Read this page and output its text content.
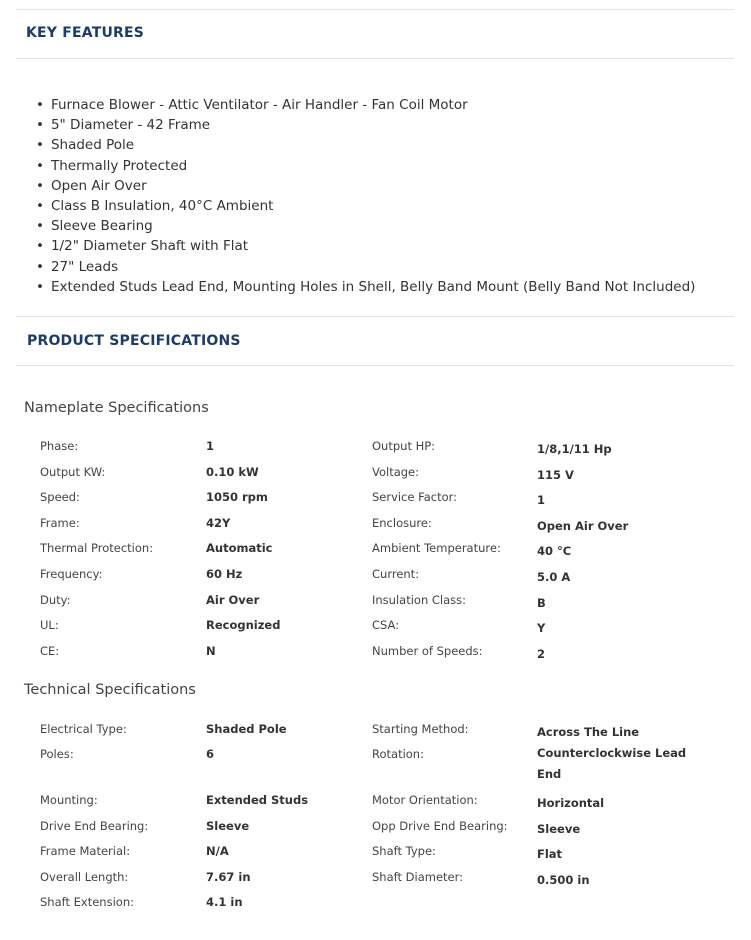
KEY FEATURES
• Furnace Blower - Attic Ventilator - Air Handler - Fan Coil Motor
• 5" Diameter - 42 Frame
• Shaded Pole
• Thermally Protected
• Open Air Over
• Class B Insulation, 40°C Ambient
• Sleeve Bearing
• 1/2" Diameter Shaft with Flat
• 27" Leads
• Extended Studs Lead End, Mounting Holes in Shell, Belly Band Mount (Belly Band Not Included)
PRODUCT SPECIFICATIONS
Nameplate Specifications
Phase:	1	Output HP:	1/8,1/11 Hp
Output KW:	0.10 kW	Voltage:	115 V
Speed:	1050 rpm	Service Factor:	1
Frame:	42Y	Enclosure:	Open Air Over
Thermal Protection:	Automatic	Ambient Temperature:	40 °C
Frequency:	60 Hz	Current:	5.0 A
Duty:	Air Over	Insulation Class:	B
UL:	Recognized	CSA:	Y
CE:	N	Number of Speeds:	2
Technical Specifications
Electrical Type:	Shaded Pole	Starting Method:	Across The Line
Poles:	6	Rotation:	Counterclockwise Lead End
Mounting:	Extended Studs	Motor Orientation:	Horizontal
Drive End Bearing:	Sleeve	Opp Drive End Bearing:	Sleeve
Frame Material:	N/A	Shaft Type:	Flat
Overall Length:	7.67 in	Shaft Diameter:	0.500 in
Shaft Extension:	4.1 in
